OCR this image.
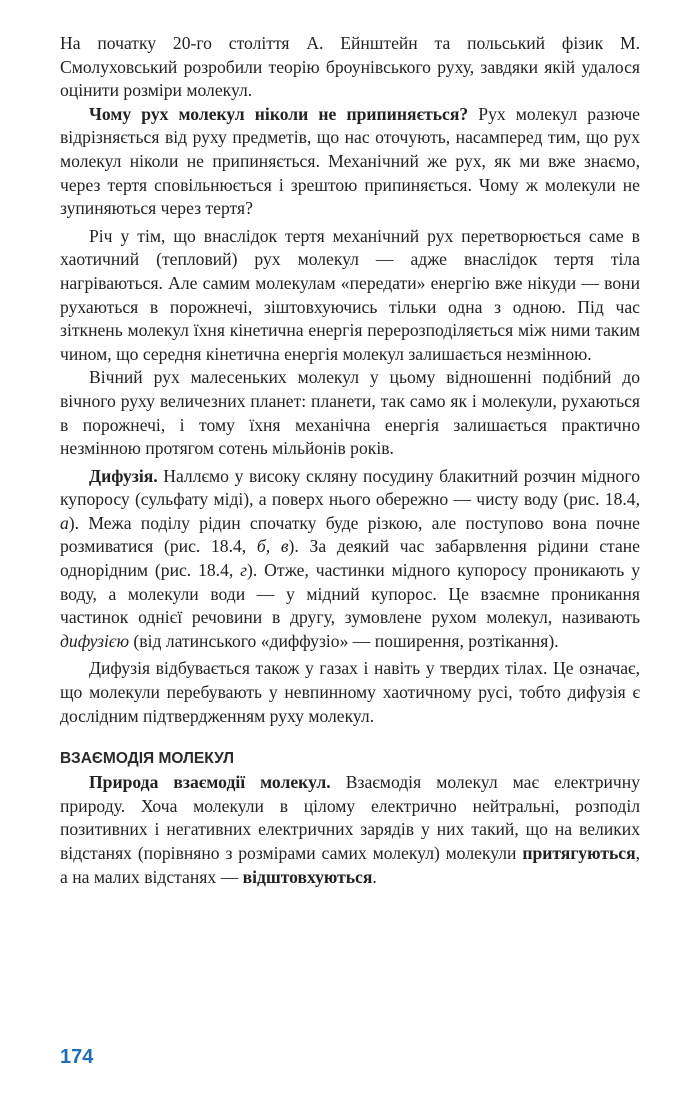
На початку 20-го століття А. Ейнштейн та польський фізик М. Смолуховський розробили теорію броунівського руху, завдяки якій удалося оцінити розміри молекул.

Чому рух молекул ніколи не припиняється? Рух молекул разюче відрізняється від руху предметів, що нас оточують, насамперед тим, що рух молекул ніколи не припиняється. Механічний же рух, як ми вже знаємо, через тертя сповільнюється і зрештою припиняється. Чому ж молекули не зупиняються через тертя?

Річ у тім, що внаслідок тертя механічний рух перетворюється саме в хаотичний (тепловий) рух молекул — адже внаслідок тертя тіла нагріваються. Але самим молекулам «передати» енергію вже нікуди — вони рухаються в порожнечі, зіштовхуючись тільки одна з одною. Під час зіткнень молекул їхня кінетична енергія перерозподіляється між ними таким чином, що середня кінетична енергія молекул залишається незмінною.

Вічний рух малесеньких молекул у цьому відношенні подібний до вічного руху величезних планет: планети, так само як і молекули, рухаються в порожнечі, і тому їхня механічна енергія залишається практично незмінною протягом сотень мільйонів років.

Дифузія. Наллємо у високу скляну посудину блакитний розчин мідного купоросу (сульфату міді), а поверх нього обережно — чисту воду (рис. 18.4, а). Межа поділу рідин спочатку буде різкою, але поступово вона почне розмиватися (рис. 18.4, б, в). За деякий час забарвлення рідини стане однорідним (рис. 18.4, г). Отже, частинки мідного купоросу проникають у воду, а молекули води — у мідний купорос. Це взаємне проникання частинок однієї речовини в другу, зумовлене рухом молекул, називають дифузією (від латинського «диффузіо» — поширення, розтікання).

Дифузія відбувається також у газах і навіть у твердих тілах. Це означає, що молекули перебувають у невпинному хаотичному русі, тобто дифузія є дослідним підтвердженням руху молекул.

ВЗАЄМОДІЯ МОЛЕКУЛ

Природа взаємодії молекул. Взаємодія молекул має електричну природу. Хоча молекули в цілому електрично нейтральні, розподіл позитивних і негативних електричних зарядів у них такий, що на великих відстанях (порівняно з розмірами самих молекул) молекули притягуються, а на малих відстанях — відштовхуються.

174
